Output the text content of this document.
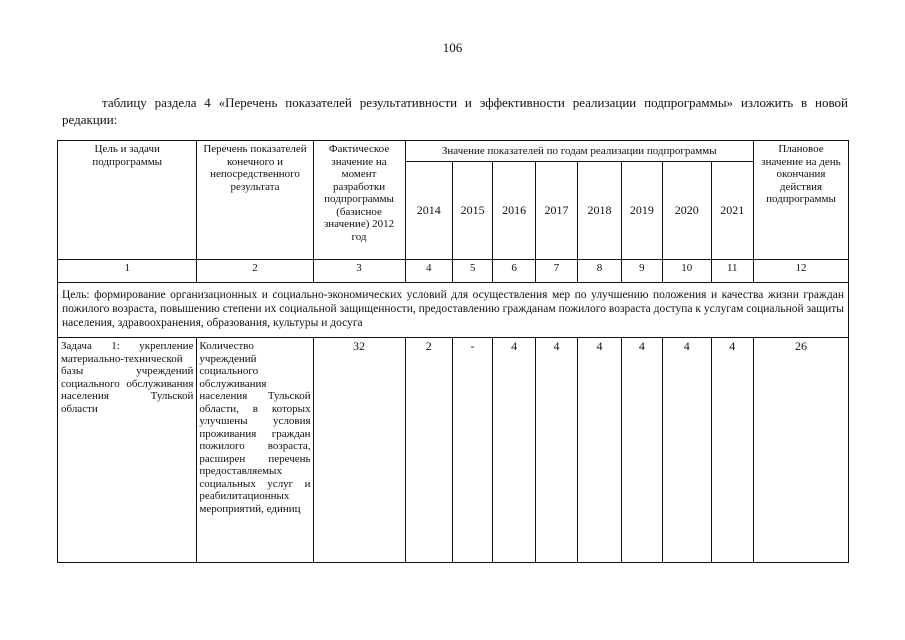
106
таблицу раздела 4 «Перечень показателей результативности и эффективности реализации подпрограммы» изложить в новой редакции:
Цель и задачи подпрограммы	Перечень показателей конечного и непосредственного результата	Фактическое значение на момент разработки подпрограммы (базисное значение) 2012 год	Значение показателей по годам реализации подпрограммы								Плановое значение на день окончания действия подпрограммы
			2014	2015	2016	2017	2018	2019	2020	2021	
1	2	3	4	5	6	7	8	9	10	11	12
Цель: формирование организационных и социально-экономических условий для осуществления мер по улучшению положения и качества жизни граждан пожилого возраста, повышению степени их социальной защищенности, предоставлению гражданам пожилого возраста доступа к услугам социальной защиты населения, здравоохранения, образования, культуры и досуга											
Задача 1: укрепление материально-технической базы учреждений социального обслуживания населения Тульской области	Количество учреждений социального обслуживания населения Тульской области, в которых улучшены условия проживания граждан пожилого возраста, расширен перечень предоставляемых социальных услуг и реабилитационных мероприятий, единиц	32	2	-	4	4	4	4	4	4	26
